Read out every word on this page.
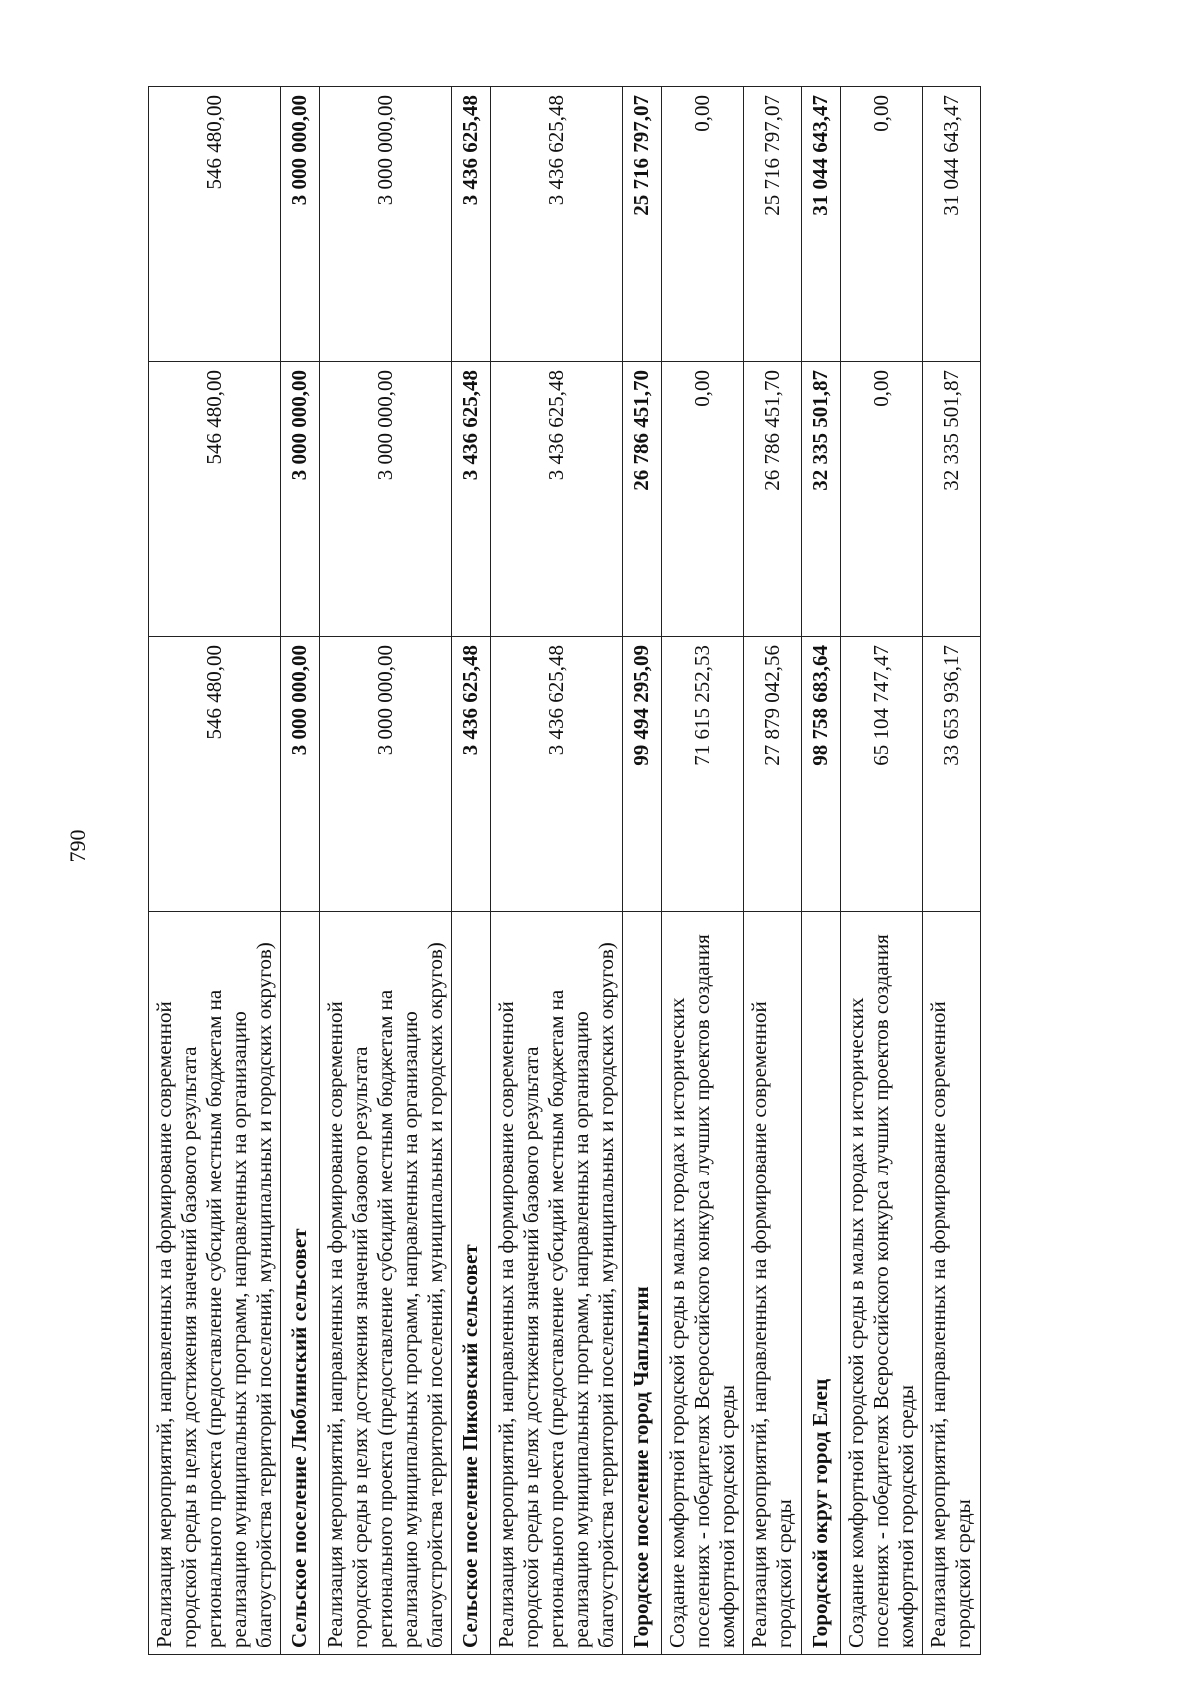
790
Реализация мероприятий, направленных на формирование современной городской среды в целях достижения значений базового результата регионального проекта (предоставление субсидий местным бюджетам на реализацию муниципальных программ, направленных на организацию благоустройства территорий поселений, муниципальных и городских округов)	546 480,00	546 480,00	546 480,00
Сельское поселение Люблинский сельсовет	3 000 000,00	3 000 000,00	3 000 000,00
Реализация мероприятий, направленных на формирование современной городской среды в целях достижения значений базового результата регионального проекта (предоставление субсидий местным бюджетам на реализацию муниципальных программ, направленных на организацию благоустройства территорий поселений, муниципальных и городских округов)	3 000 000,00	3 000 000,00	3 000 000,00
Сельское поселение Пиковский сельсовет	3 436 625,48	3 436 625,48	3 436 625,48
Реализация мероприятий, направленных на формирование современной городской среды в целях достижения значений базового результата регионального проекта (предоставление субсидий местным бюджетам на реализацию муниципальных программ, направленных на организацию благоустройства территорий поселений, муниципальных и городских округов)	3 436 625,48	3 436 625,48	3 436 625,48
Городское поселение город Чаплыгин	99 494 295,09	26 786 451,70	25 716 797,07
Создание комфортной городской среды в малых городах и исторических поселениях - победителях Всероссийского конкурса лучших проектов создания комфортной городской среды	71 615 252,53	0,00	0,00
Реализация мероприятий, направленных на формирование современной городской среды	27 879 042,56	26 786 451,70	25 716 797,07
Городской округ город Елец	98 758 683,64	32 335 501,87	31 044 643,47
Создание комфортной городской среды в малых городах и исторических поселениях - победителях Всероссийского конкурса лучших проектов создания комфортной городской среды	65 104 747,47	0,00	0,00
Реализация мероприятий, направленных на формирование современной городской среды	33 653 936,17	32 335 501,87	31 044 643,47
